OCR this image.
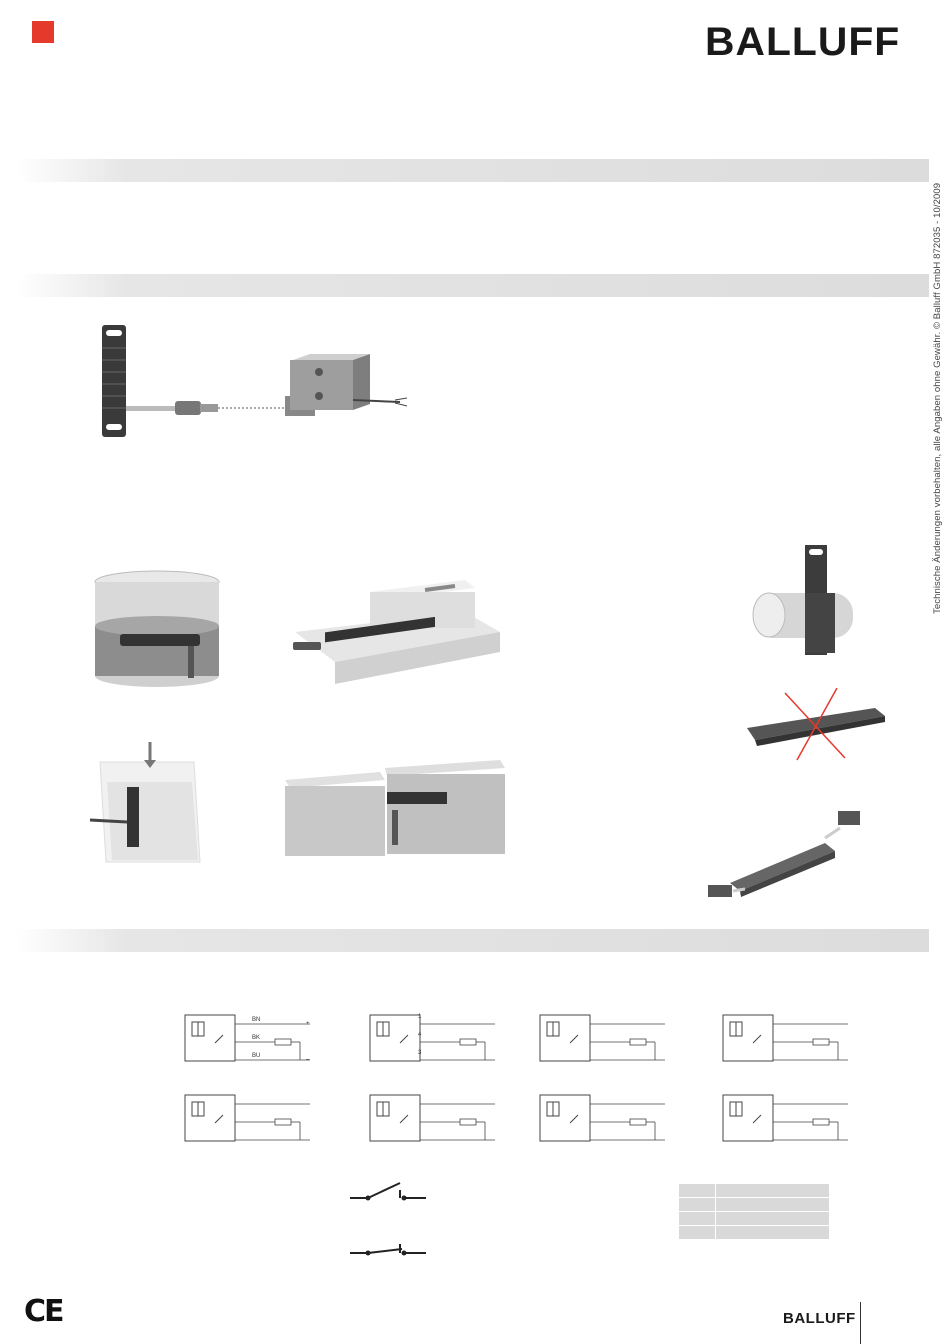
BALLUFF
Technische Änderungen vorbehalten, alle Angaben ohne Gewähr. © Balluff GmbH 872035 - 10/2009
BN
BK
BU
+
–
1
4
3

CE	BALLUFF
